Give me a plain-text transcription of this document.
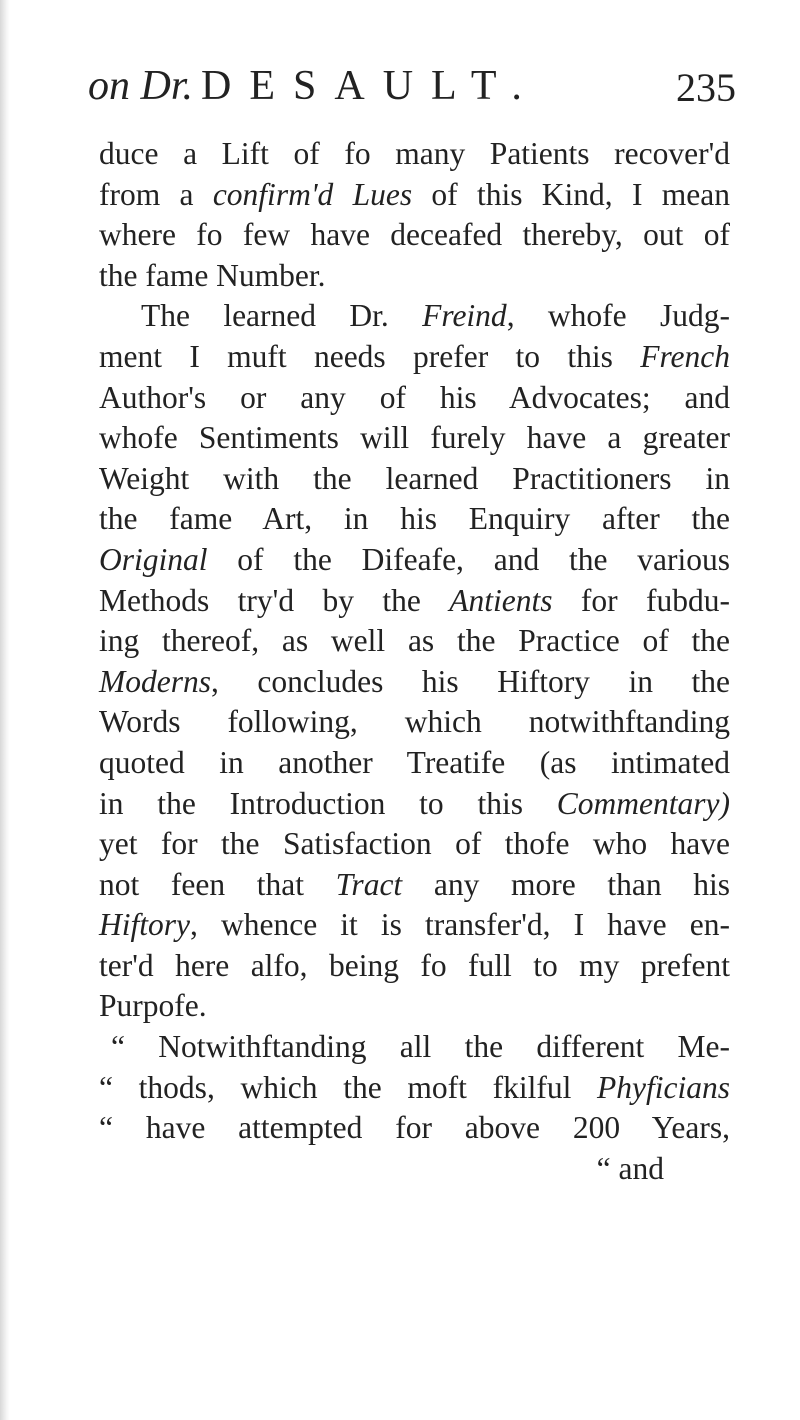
on Dr. DESAULT.	235
duce a Lift of fo many Patients recover'd
from a confirm'd Lues of this Kind, I mean
where fo few have deceafed thereby, out of
the fame Number.
The learned Dr. Freind, whofe Judg-
ment I muft needs prefer to this French
Author's or any of his Advocates; and
whofe Sentiments will furely have a greater
Weight with the learned Practitioners in
the fame Art, in his Enquiry after the
Original of the Difeafe, and the various
Methods try'd by the Antients for fubdu-
ing thereof, as well as the Practice of the
Moderns, concludes his Hiftory in the
Words following, which notwithftanding
quoted in another Treatife (as intimated
in the Introduction to this Commentary)
yet for the Satisfaction of thofe who have
not feen that Tract any more than his
Hiftory, whence it is transfer'd, I have en-
ter'd here alfo, being fo full to my prefent
Purpofe.
“ Notwithftanding all the different Me-
“ thods, which the moft fkilful Phyficians
“ have attempted for above 200 Years,
“ and
